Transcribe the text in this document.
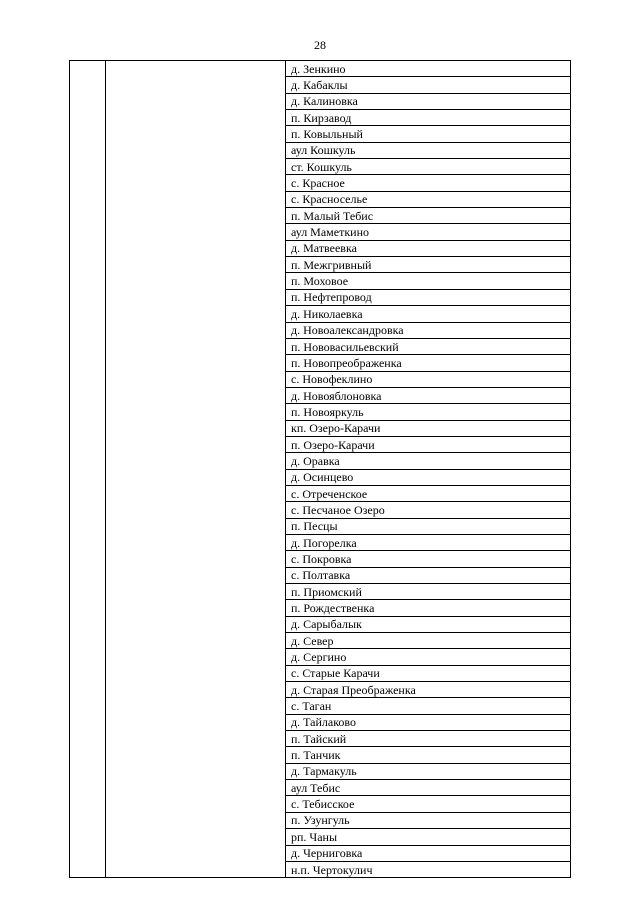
28
		д. Зенкино
д. Кабаклы
д. Калиновка
п. Кирзавод
п. Ковыльный
аул Кошкуль
ст. Кошкуль
с. Красное
с. Красноселье
п. Малый Тебис
аул Маметкино
д. Матвеевка
п. Межгривный
п. Моховое
п. Нефтепровод
д. Николаевка
д. Новоалександровка
п. Нововасильевский
п. Новопреображенка
с. Новофеклино
д. Новояблоновка
п. Новояркуль
кп. Озеро-Карачи
п. Озеро-Карачи
д. Оравка
д. Осинцево
с. Отреченское
с. Песчаное Озеро
п. Песцы
д. Погорелка
с. Покровка
с. Полтавка
п. Приомский
п. Рождественка
д. Сарыбалык
д. Север
д. Сергино
с. Старые Карачи
д. Старая Преображенка
с. Таган
д. Тайлаково
п. Тайский
п. Танчик
д. Тармакуль
аул Тебис
с. Тебисское
п. Узунгуль
рп. Чаны
д. Черниговка
н.п. Чертокулич
